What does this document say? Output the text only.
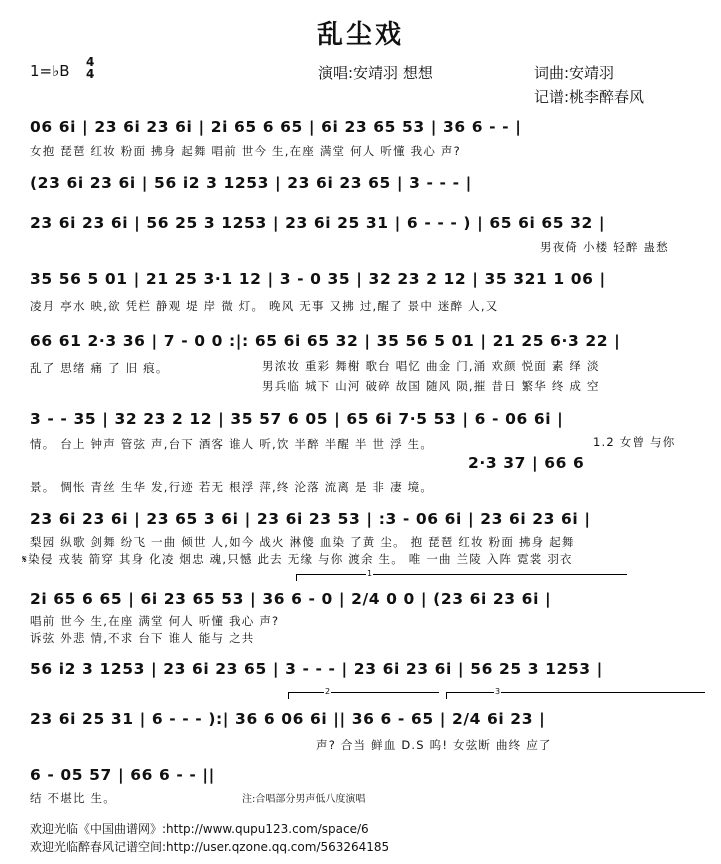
乱尘戏
1=♭B 4
4	演唱:安靖羽 想想	词曲:安靖羽
记谱:桃李醉春风
06 6i | 23 6i 23 6i | 2i 65 6 65 | 6i 23 65 53 | 36 6 - - |
女抱 琵琶 红妆 粉面 拂身 起舞 唱前 世今 生,在座 满堂 何人 听懂 我心 声?
(23 6i 23 6i | 56 i2 3 1253 | 23 6i 23 65 | 3 - - - |
23 6i 23 6i | 56 25 3 1253 | 23 6i 25 31 | 6 - - - ) | 65 6i 65 32 |
男夜倚 小楼 轻醉 蛊愁
35 56 5 01 | 21 25 3·1 12 | 3 - 0 35 | 32 23 2 12 | 35 321 1 06 |
凌月 亭水 映,欲 凭栏 静观 堤 岸 微 灯。 晚风 无事 又拂 过,醒了 景中 迷醉 人,又
66 61 2·3 36 | 7 - 0 0 :|: 65 6i 65 32 | 35 56 5 01 | 21 25 6·3 22 |
乱了 思绪 痛 了 旧 痕。	男浓妆 重彩 舞榭 歌台 唱忆 曲金 门,涌 欢颜 悦面 素 绎 淡
男兵临 城下 山河 破碎 故国 随风 陨,摧 昔日 繁华 终 成 空
3 - - 35 | 32 23 2 12 | 35 57 6 05 | 65 6i 7·5 53 | 6 - 06 6i |
情。 台上 钟声 管弦 声,台下 酒客 谁人 听,饮 半醉 半醒 半 世 浮 生。	1.2 女曾 与你
2·3 37 | 66 6
景。 惆怅 青丝 生华 发,行迹 若无 根浮 萍,终 沦落 流离 是 非 凄 境。
23 6i 23 6i | 23 65 3 6i | 23 6i 23 53 | :3 - 06 6i | 23 6i 23 6i |
梨园 纵歌 剑舞 纷飞 一曲 倾世 人,如今 战火 淋傻 血染 了黄 尘。 抱 琵琶 红妆 粉面 拂身 起舞
𝄋染侵 戎装 箭穿 其身 化凌 烟忠 魂,只憾 此去 无缘 与你 渡余 生。 唯 一曲 兰陵 入阵 霓裳 羽衣
1
2i 65 6 65 | 6i 23 65 53 | 36 6 - 0 | 2/4 0 0 | (23 6i 23 6i |
唱前 世今 生,在座 满堂 何人 听懂 我心 声?
诉弦 外悲 情,不求 台下 谁人 能与 之共
56 i2 3 1253 | 23 6i 23 65 | 3 - - - | 23 6i 23 6i | 56 25 3 1253 |
2	3
23 6i 25 31 | 6 - - - ):| 36 6 06 6i || 36 6 - 65 | 2/4 6i 23 |
声? 合当 鲜血 D.S 呜! 女弦断 曲终 应了
6 - 05 57 | 66 6 - - ||
结 不堪比 生。	注:合唱部分男声低八度演唱
欢迎光临《中国曲谱网》:http://www.qupu123.com/space/6
欢迎光临醉春风记谱空间:http://user.qzone.qq.com/563264185
